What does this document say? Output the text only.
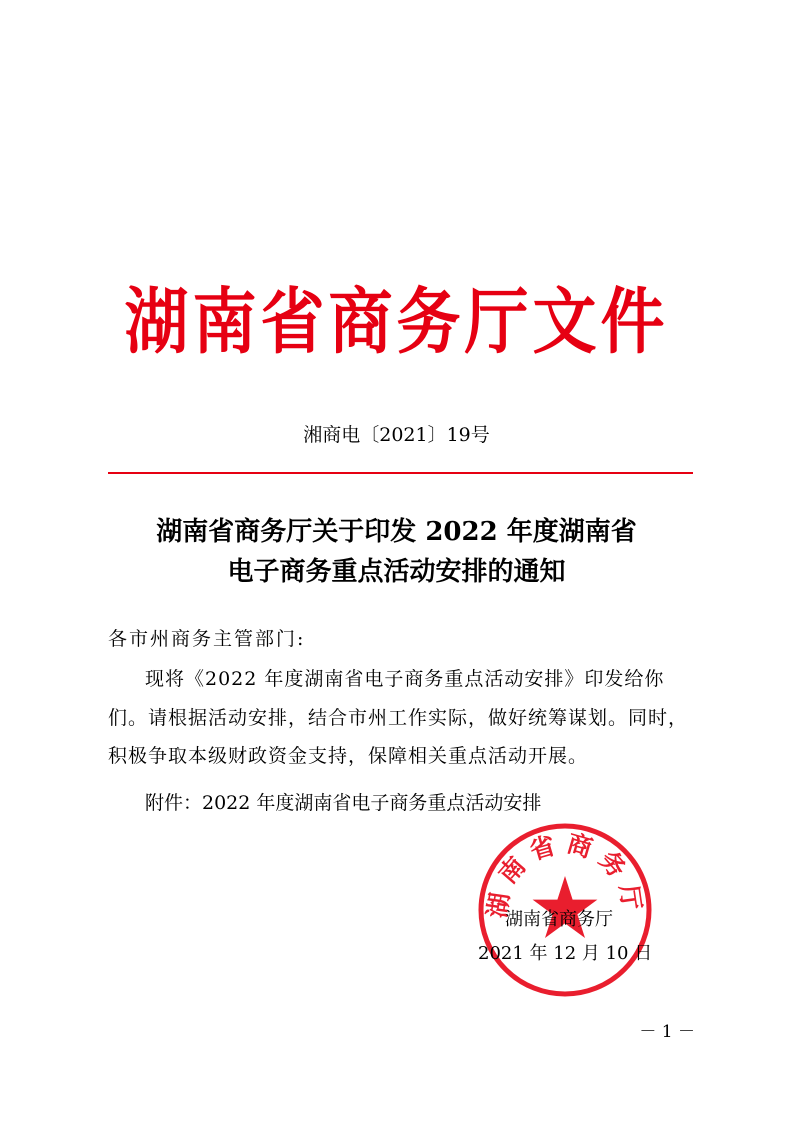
湖南省商务厅文件
湘商电〔2021〕19号
湖南省商务厅关于印发 2022 年度湖南省
电子商务重点活动安排的通知
各市州商务主管部门:
现将《2022 年度湖南省电子商务重点活动安排》印发给你
们。请根据活动安排，结合市州工作实际，做好统筹谋划。同时，
积极争取本级财政资金支持，保障相关重点活动开展。
附件：2022 年度湖南省电子商务重点活动安排
湖南省商务厅
湖南省商务厅
2021 年 12 月 10 日
－ 1 －
